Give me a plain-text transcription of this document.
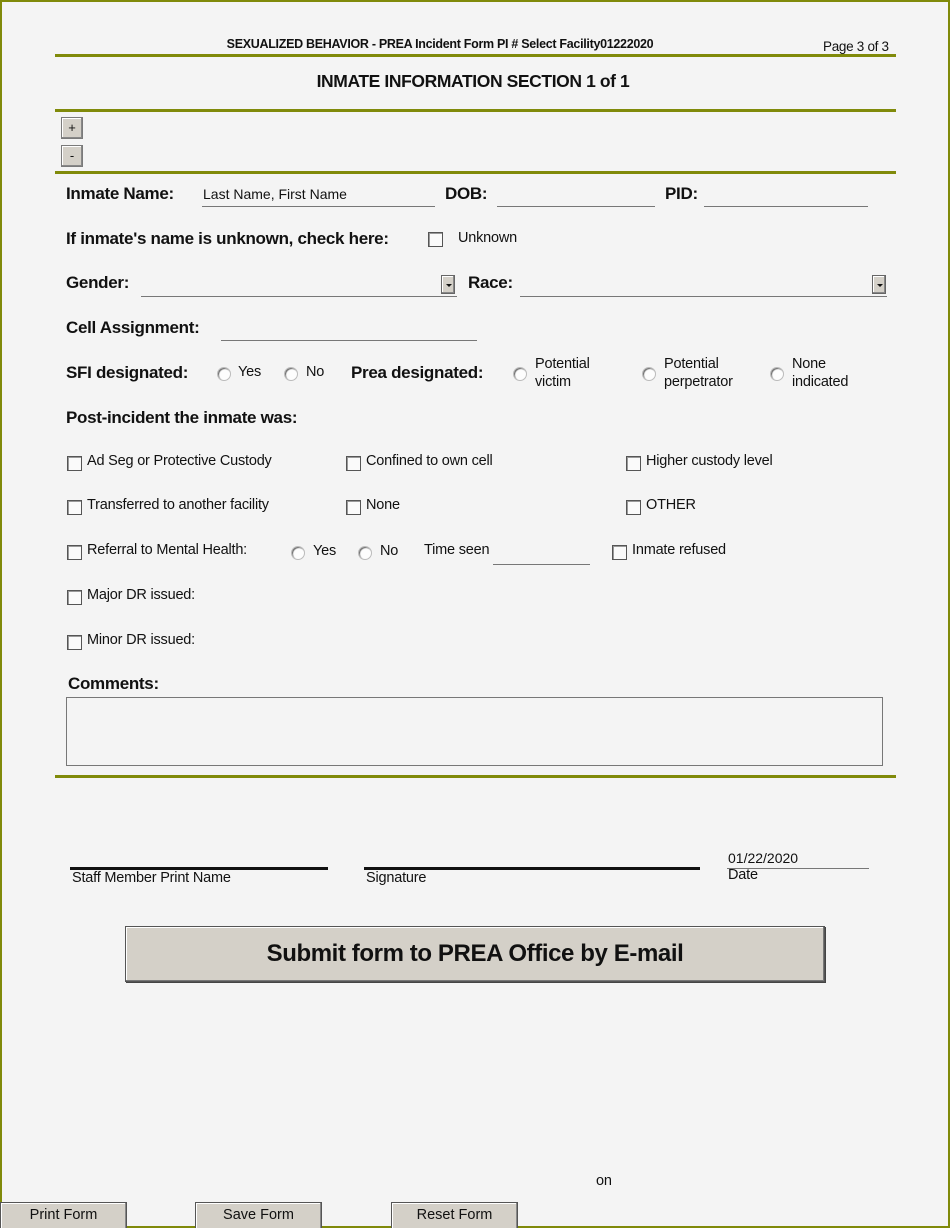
SEXUALIZED BEHAVIOR - PREA Incident Form PI # Select Facility01222020	Page 3 of 3
INMATE INFORMATION SECTION 1 of 1
+
-
Inmate Name: Last Name, First Name	DOB:	PID:
If inmate's name is unknown, check here:	Unknown
Gender:	Race:
Cell Assignment:
SFI designated:	Yes	No Prea designated:	Potential
victim
Potential
perpetrator
None
indicated
Post-incident the inmate was:
Ad Seg or Protective Custody	Confined to own cell	Higher custody level
Transferred to another facility	None	OTHER
Referral to Mental Health:	Yes	No Time seen	Inmate refused
Major DR issued:
Minor DR issued:
Comments:
Staff Member Print Name	Signature
01/22/2020
Date
Submit form to PREA Office by E-mail
on
Print Form	Save Form	Reset Form
